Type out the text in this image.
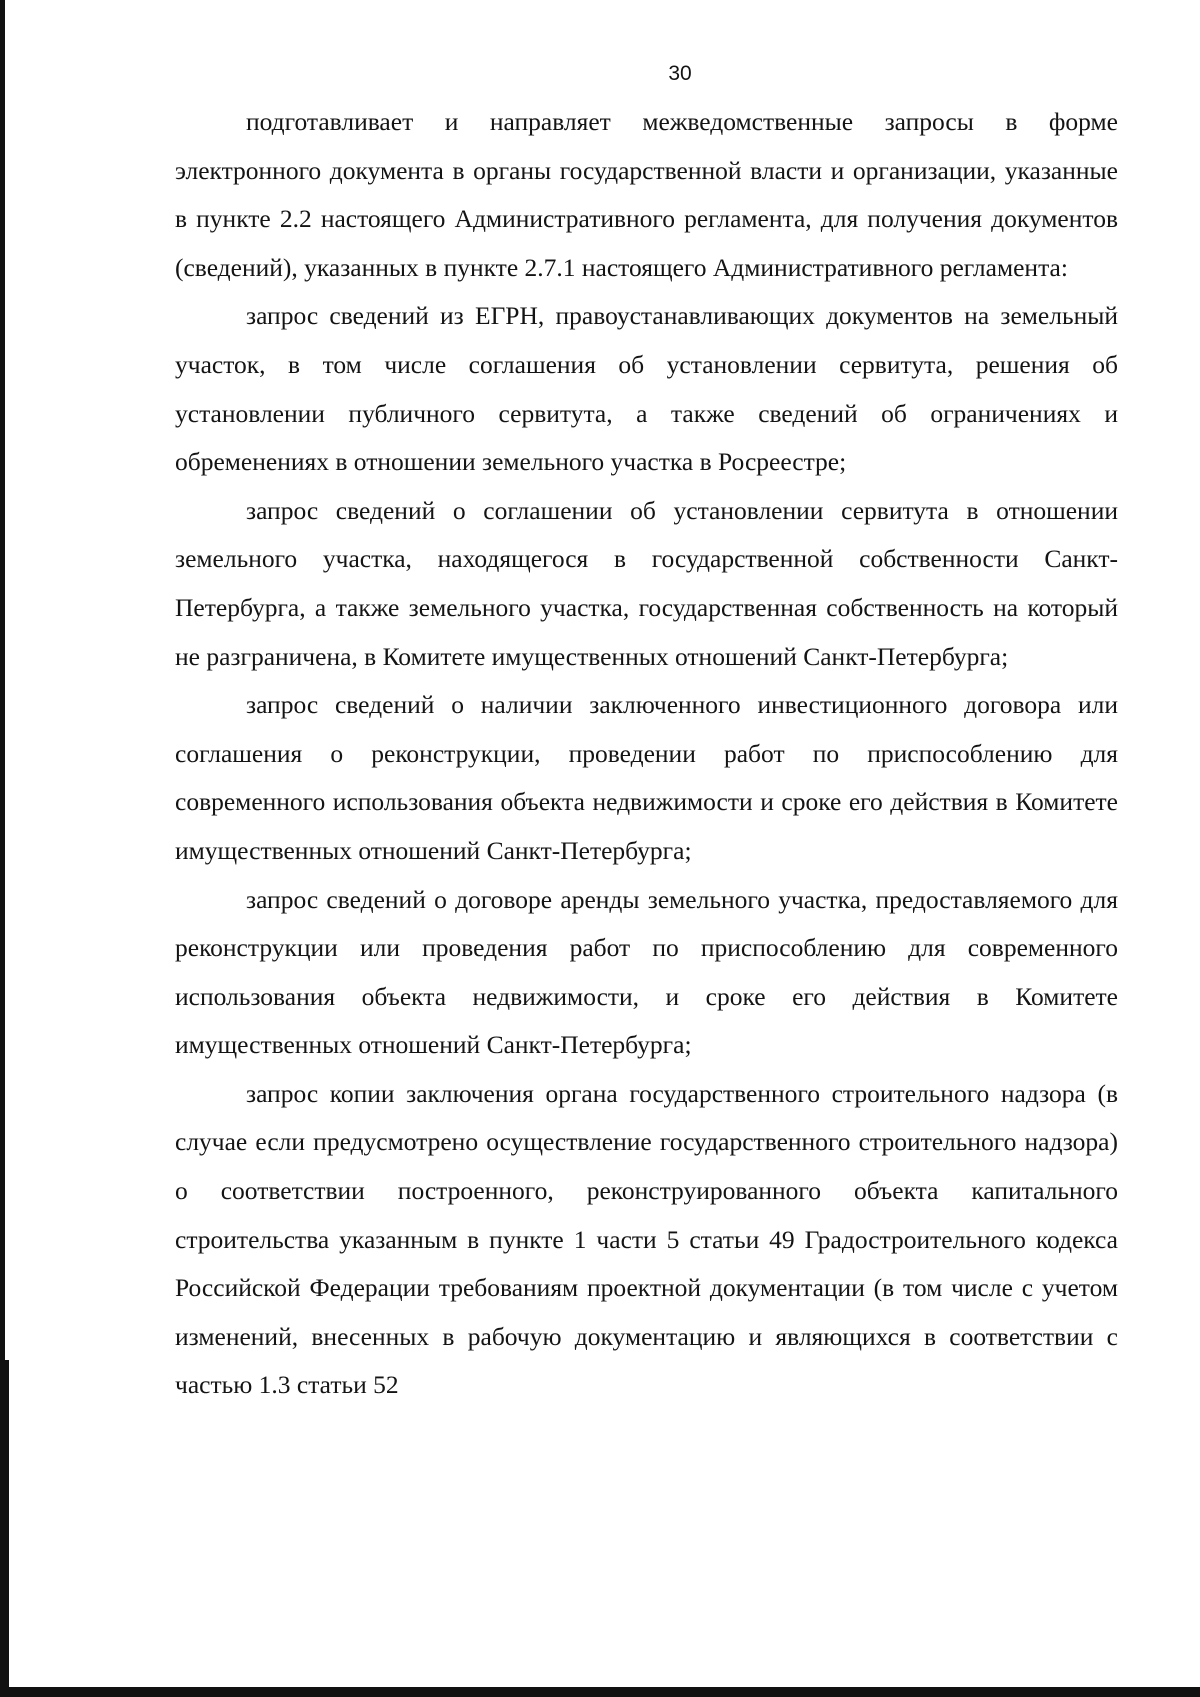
30

подготавливает и направляет межведомственные запросы в форме электронного документа в органы государственной власти и организации, указанные в пункте 2.2 настоящего Административного регламента, для получения документов (сведений), указанных в пункте 2.7.1 настоящего Административного регламента:

запрос сведений из ЕГРН, правоустанавливающих документов на земельный участок, в том числе соглашения об установлении сервитута, решения об установлении публичного сервитута, а также сведений об ограничениях и обременениях в отношении земельного участка в Росреестре;

запрос сведений о соглашении об установлении сервитута в отношении земельного участка, находящегося в государственной собственности Санкт-Петербурга, а также земельного участка, государственная собственность на который не разграничена, в Комитете имущественных отношений Санкт-Петербурга;

запрос сведений о наличии заключенного инвестиционного договора или соглашения о реконструкции, проведении работ по приспособлению для современного использования объекта недвижимости и сроке его действия в Комитете имущественных отношений Санкт-Петербурга;

запрос сведений о договоре аренды земельного участка, предоставляемого для реконструкции или проведения работ по приспособлению для современного использования объекта недвижимости, и сроке его действия в Комитете имущественных отношений Санкт-Петербурга;

запрос копии заключения органа государственного строительного надзора (в случае если предусмотрено осуществление государственного строительного надзора) о соответствии построенного, реконструированного объекта капитального строительства указанным в пункте 1 части 5 статьи 49 Градостроительного кодекса Российской Федерации требованиям проектной документации (в том числе с учетом изменений, внесенных в рабочую документацию и являющихся в соответствии с частью 1.3 статьи 52
